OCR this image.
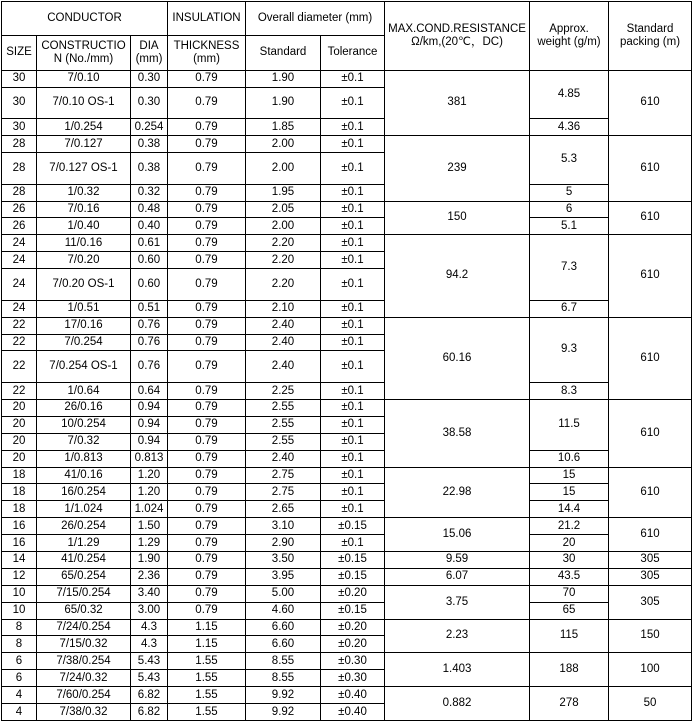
CONDUCTOR			INSULATION	Overall diameter (mm)		MAX.COND.RESISTANCE Ω/km,(20℃，DC)	Approx. weight (g/m)	Standard packing (m)
SIZE	CONSTRUCTION (No./mm)	DIA (mm)	THICKNESS (mm)	Standard	Tolerance			
30	7/0.10	0.30	0.79	1.90	±0.1	381	4.85	610
30	7/0.10 OS-1	0.30	0.79	1.90	±0.1			
30	1/0.254	0.254	0.79	1.85	±0.1		4.36	
28	7/0.127	0.38	0.79	2.00	±0.1	239	5.3	610
28	7/0.127 OS-1	0.38	0.79	2.00	±0.1			
28	1/0.32	0.32	0.79	1.95	±0.1		5	
26	7/0.16	0.48	0.79	2.05	±0.1	150	6	610
26	1/0.40	0.40	0.79	2.00	±0.1		5.1	
24	11/0.16	0.61	0.79	2.20	±0.1	94.2	7.3	610
24	7/0.20	0.60	0.79	2.20	±0.1			
24	7/0.20 OS-1	0.60	0.79	2.20	±0.1			
24	1/0.51	0.51	0.79	2.10	±0.1		6.7	
22	17/0.16	0.76	0.79	2.40	±0.1	60.16	9.3	610
22	7/0.254	0.76	0.79	2.40	±0.1			
22	7/0.254 OS-1	0.76	0.79	2.40	±0.1			
22	1/0.64	0.64	0.79	2.25	±0.1		8.3	
20	26/0.16	0.94	0.79	2.55	±0.1	38.58	11.5	610
20	10/0.254	0.94	0.79	2.55	±0.1			
20	7/0.32	0.94	0.79	2.55	±0.1			
20	1/0.813	0.813	0.79	2.40	±0.1		10.6	
18	41/0.16	1.20	0.79	2.75	±0.1	22.98	15	610
18	16/0.254	1.20	0.79	2.75	±0.1		15	
18	1/1.024	1.024	0.79	2.65	±0.1		14.4	
16	26/0.254	1.50	0.79	3.10	±0.15	15.06	21.2	610
16	1/1.29	1.29	0.79	2.90	±0.1		20	
14	41/0.254	1.90	0.79	3.50	±0.15	9.59	30	305
12	65/0.254	2.36	0.79	3.95	±0.15	6.07	43.5	305
10	7/15/0.254	3.40	0.79	5.00	±0.20	3.75	70	305
10	65/0.32	3.00	0.79	4.60	±0.15		65	
8	7/24/0.254	4.3	1.15	6.60	±0.20	2.23	115	150
8	7/15/0.32	4.3	1.15	6.60	±0.20			
6	7/38/0.254	5.43	1.55	8.55	±0.30	1.403	188	100
6	7/24/0.32	5.43	1.55	8.55	±0.30			
4	7/60/0.254	6.82	1.55	9.92	±0.40	0.882	278	50
4	7/38/0.32	6.82	1.55	9.92	±0.40			
